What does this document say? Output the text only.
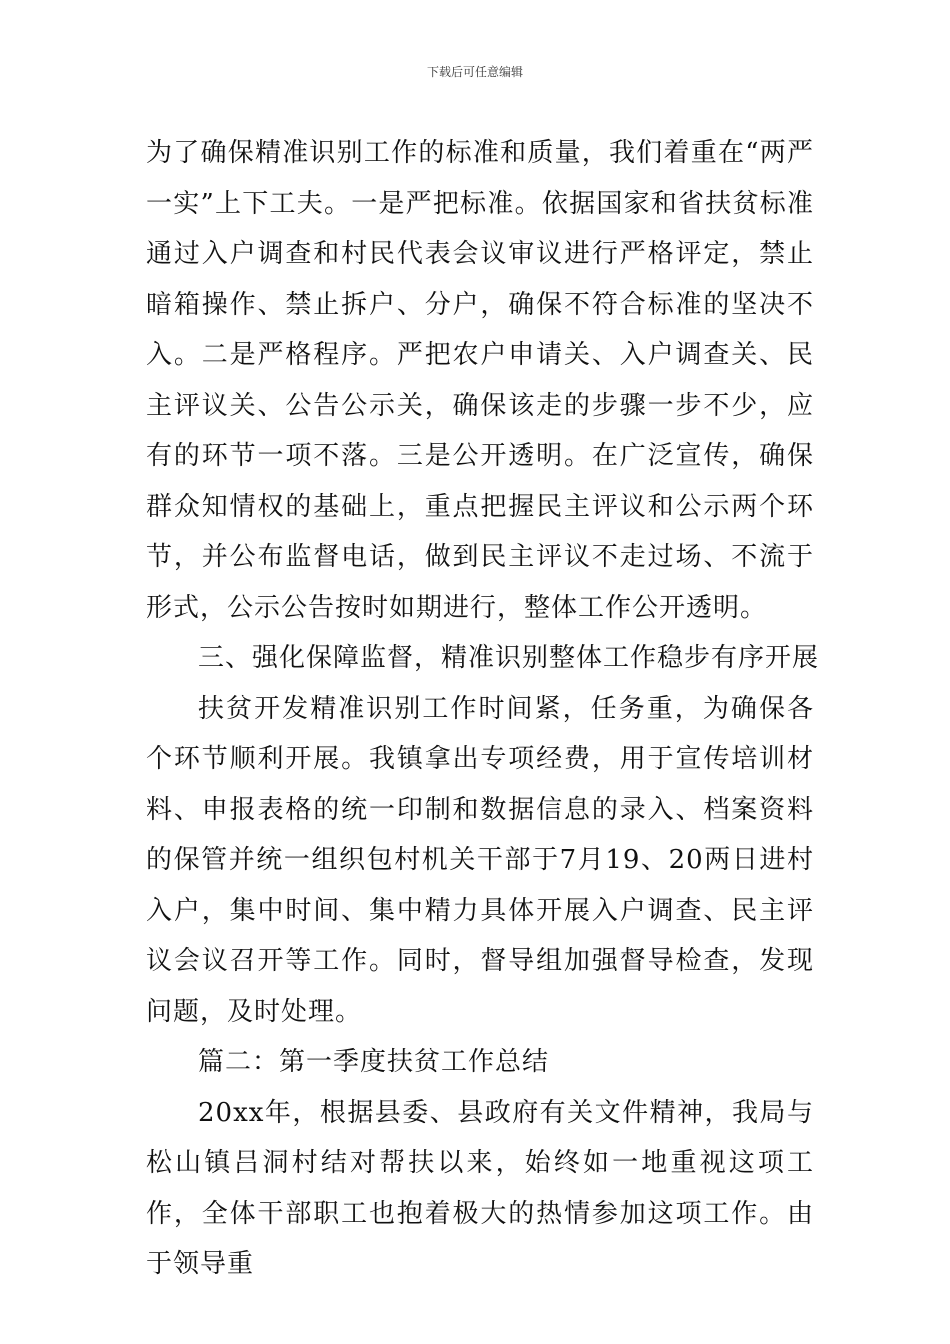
下载后可任意编辑

为了确保精准识别工作的标准和质量，我们着重在“两严一实”上下工夫。一是严把标准。依据国家和省扶贫标准通过入户调查和村民代表会议审议进行严格评定，禁止暗箱操作、禁止拆户、分户，确保不符合标准的坚决不入。二是严格程序。严把农户申请关、入户调查关、民主评议关、公告公示关，确保该走的步骤一步不少，应有的环节一项不落。三是公开透明。在广泛宣传，确保群众知情权的基础上，重点把握民主评议和公示两个环节，并公布监督电话，做到民主评议不走过场、不流于形式，公示公告按时如期进行，整体工作公开透明。

三、强化保障监督，精准识别整体工作稳步有序开展

扶贫开发精准识别工作时间紧，任务重，为确保各个环节顺利开展。我镇拿出专项经费，用于宣传培训材料、申报表格的统一印制和数据信息的录入、档案资料的保管并统一组织包村机关干部于7月19、20两日进村入户，集中时间、集中精力具体开展入户调查、民主评议会议召开等工作。同时，督导组加强督导检查，发现问题，及时处理。

篇二：第一季度扶贫工作总结

20xx年，根据县委、县政府有关文件精神，我局与松山镇吕洞村结对帮扶以来，始终如一地重视这项工作，全体干部职工也抱着极大的热情参加这项工作。由于领导重
